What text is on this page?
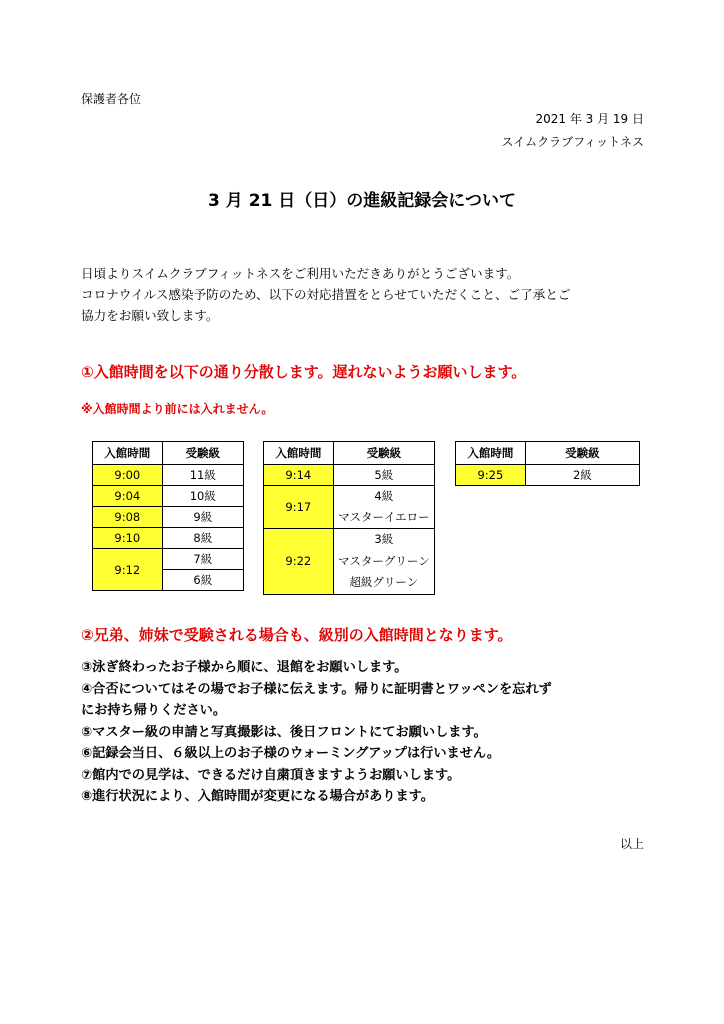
保護者各位
2021 年 3 月 19 日
スイムクラブフィットネス
3 月 21 日（日）の進級記録会について
日頃よりスイムクラブフィットネスをご利用いただきありがとうございます。
コロナウイルス感染予防のため、以下の対応措置をとらせていただくこと、ご了承とご
協力をお願い致します。
①入館時間を以下の通り分散します。遅れないようお願いします。
※入館時間より前には入れません。
入館時間	受験級
9:00	11級
9:04	10級
9:08	9級
9:10	8級
9:12	7級
	6級
入館時間	受験級
9:14	5級
9:17	4級
マスターイエロー

9:22	3級
マスターグリーン
超級グリーン
入館時間	受験級
9:25	2級
②兄弟、姉妹で受験される場合も、級別の入館時間となります。
③泳ぎ終わったお子様から順に、退館をお願いします。
④合否についてはその場でお子様に伝えます。帰りに証明書とワッペンを忘れず
にお持ち帰りください。
⑤マスター級の申請と写真撮影は、後日フロントにてお願いします。
⑥記録会当日、６級以上のお子様のウォーミングアップは行いません。
⑦館内での見学は、できるだけ自粛頂きますようお願いします。
⑧進行状況により、入館時間が変更になる場合があります。
以上
